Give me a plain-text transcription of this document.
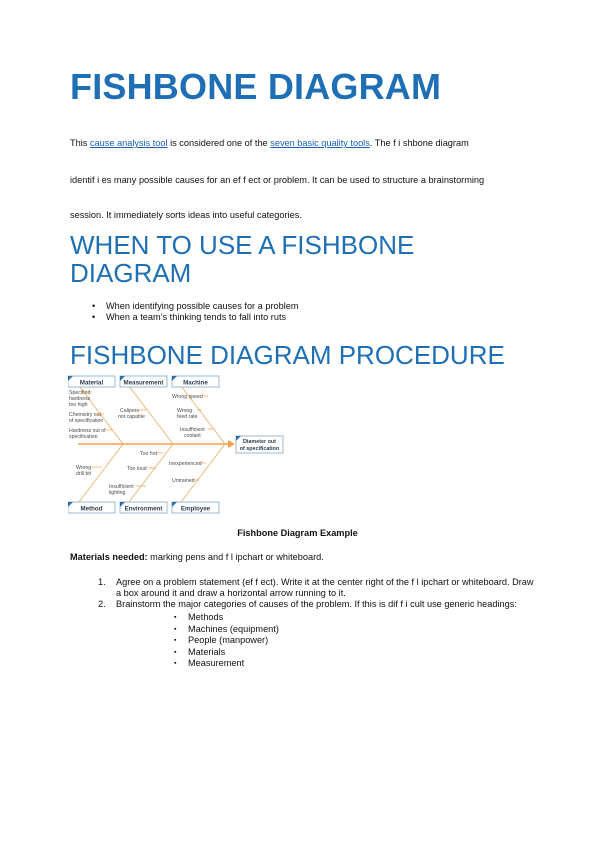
FISHBONE DIAGRAM
This cause analysis tool is considered one of the seven basic quality tools. The f i shbone diagram
identif i es many possible causes for an ef f ect or problem. It can be used to structure a brainstorming
session. It immediately sorts ideas into useful categories.
WHEN TO USE A FISHBONE
DIAGRAM
• When identifying possible causes for a problem
• When a team’s thinking tends to fall into ruts
FISHBONE DIAGRAM PROCEDURE
Material	Measurement	Machine
Method	Environment	Employee
Diameter out
of specification
Specified
hardness
too high
Chemistry out
of specification
Hardness out of
specification
Calipers
not capable
Wrong speed
Wrong
feed rate
Insufficient
coolant
Too hot
Inexperienced
Wrong
drill bit
Too loud
Untrained
Insufficient
lighting
Fishbone Diagram Example
Materials needed: marking pens and f l ipchart or whiteboard.
1. Agree on a problem statement (ef f ect). Write it at the center right of the f l ipchart or whiteboard. Draw a box around it and draw a horizontal arrow running to it.
2. Brainstorm the major categories of causes of the problem. If this is dif f i cult use generic headings:
▪ Methods
▪ Machines (equipment)
▪ People (manpower)
▪ Materials
▪ Measurement
